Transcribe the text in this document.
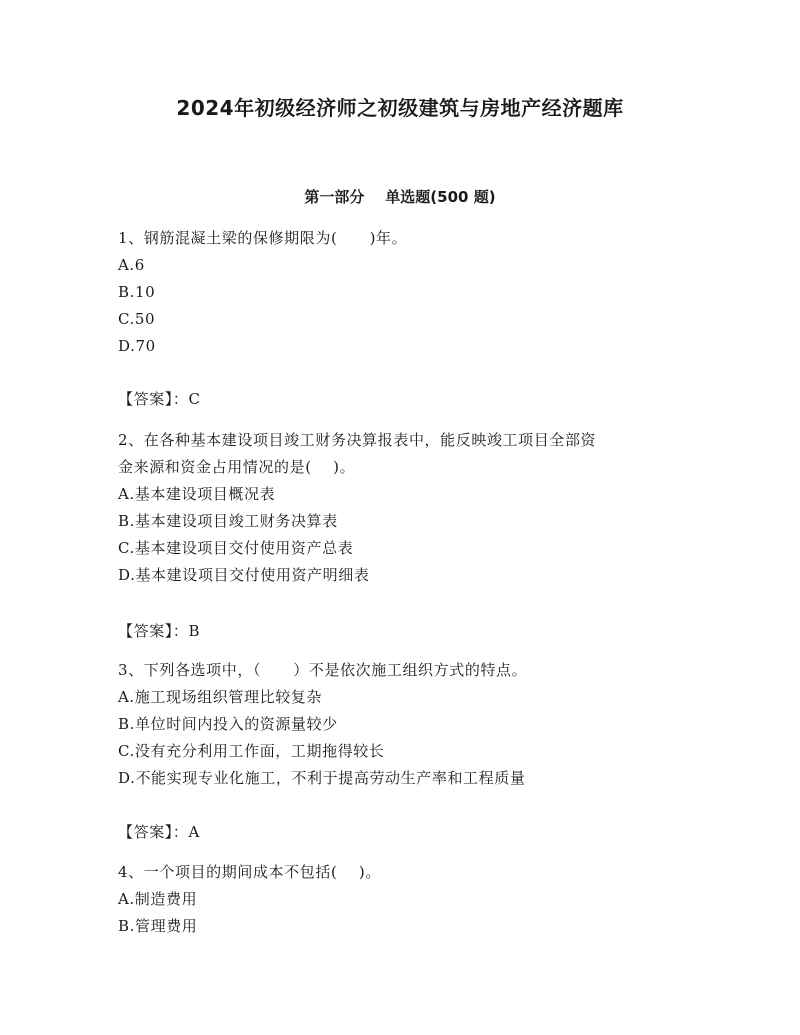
2024年初级经济师之初级建筑与房地产经济题库
第一部分    单选题(500 题)
1、钢筋混凝土梁的保修期限为(      )年。
A.6
B.10
C.50
D.70
【答案】：C
2、在各种基本建设项目竣工财务决算报表中，能反映竣工项目全部资
金来源和资金占用情况的是(    )。
A.基本建设项目概况表
B.基本建设项目竣工财务决算表
C.基本建设项目交付使用资产总表
D.基本建设项目交付使用资产明细表
【答案】：B
3、下列各选项中，（      ）不是依次施工组织方式的特点。
A.施工现场组织管理比较复杂
B.单位时间内投入的资源量较少
C.没有充分利用工作面，工期拖得较长
D.不能实现专业化施工，不利于提高劳动生产率和工程质量
【答案】：A
4、一个项目的期间成本不包括(    )。
A.制造费用
B.管理费用
